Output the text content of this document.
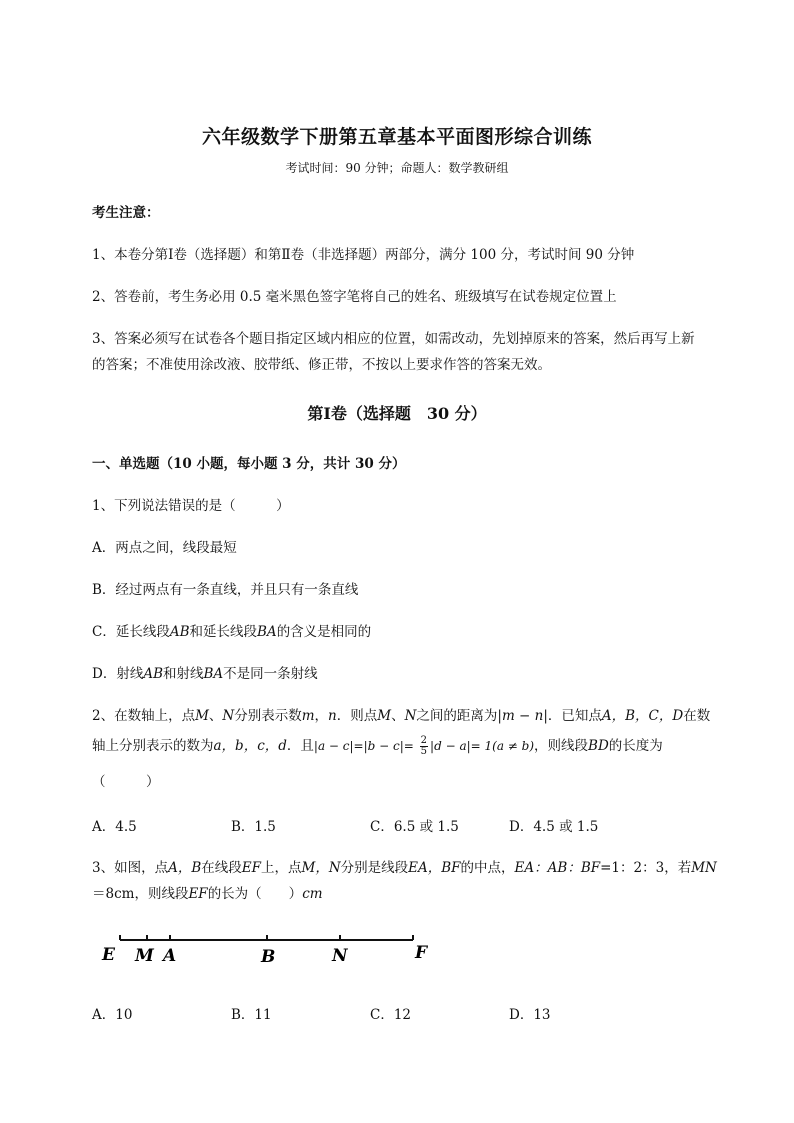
六年级数学下册第五章基本平面图形综合训练
考试时间：90 分钟；命题人：数学教研组
考生注意：
1、本卷分第Ⅰ卷（选择题）和第Ⅱ卷（非选择题）两部分，满分 100 分，考试时间 90 分钟
2、答卷前，考生务必用 0.5 毫米黑色签字笔将自己的姓名、班级填写在试卷规定位置上
3、答案必须写在试卷各个题目指定区域内相应的位置，如需改动，先划掉原来的答案，然后再写上新
的答案；不准使用涂改液、胶带纸、修正带，不按以上要求作答的答案无效。
第Ⅰ卷（选择题　30 分）
一、单选题（10 小题，每小题 3 分，共计 30 分）
1、下列说法错误的是（　　　）
A．两点之间，线段最短
B．经过两点有一条直线，并且只有一条直线
C．延长线段AB和延长线段BA的含义是相同的
D．射线AB和射线BA不是同一条射线
2、在数轴上，点M、N分别表示数m，n．则点M、N之间的距离为|m − n|．已知点A，B，C，D在数
轴上分别表示的数为a，b，c，d．且$|a - c|=|b - c|= \frac{2}{5} |d - a|= 1(a \ne b)$，则线段BD的长度为
（　　　）
A．4.5	B．1.5	C．6.5 或 1.5	D．4.5 或 1.5
3、如图，点A，B在线段EF上，点M，N分别是线段EA，BF的中点，EA：AB：BF=1：2：3，若MN
＝8cm，则线段EF的长为（　　）cm
E M A	B	N	F
A．10	B．11	C．12	D．13
